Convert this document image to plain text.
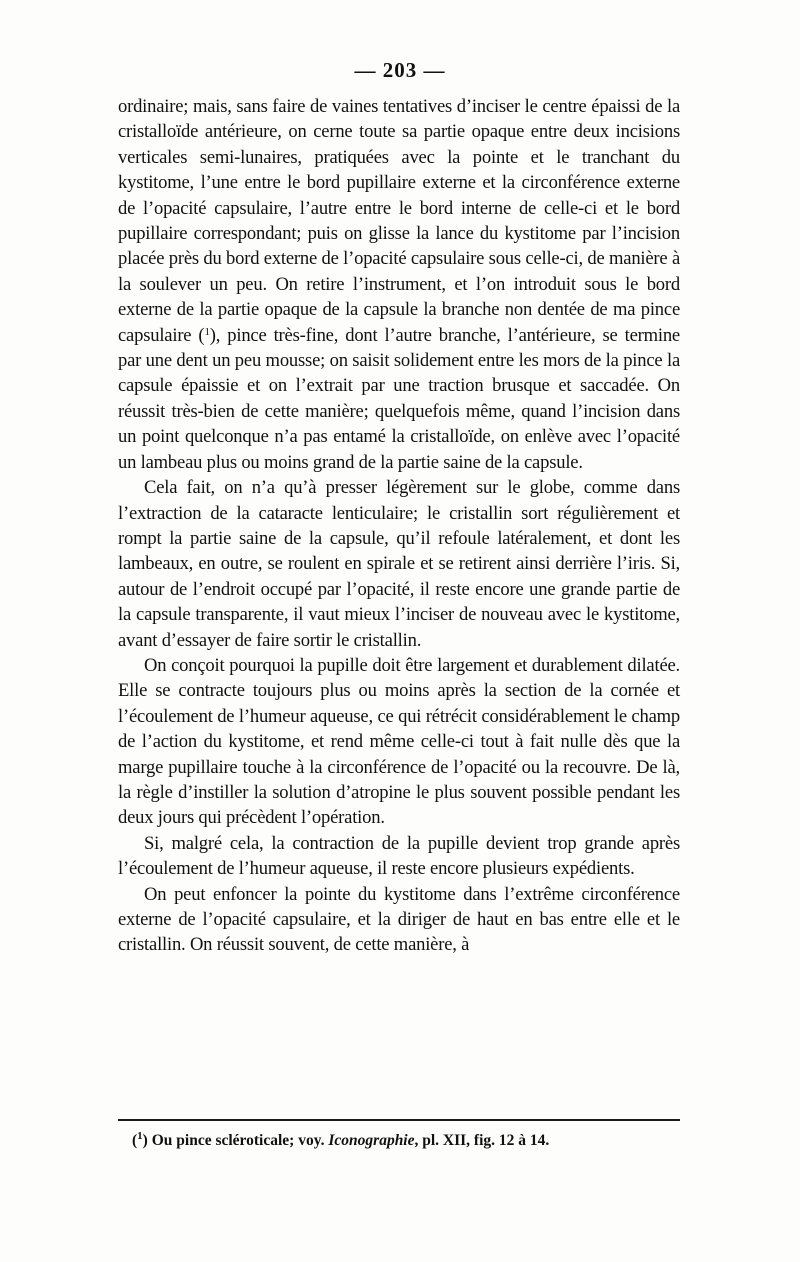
— 203 —

ordinaire; mais, sans faire de vaines tentatives d’inciser le centre épaissi de la cristalloïde antérieure, on cerne toute sa partie opaque entre deux incisions verticales semi-lunaires, pratiquées avec la pointe et le tranchant du kystitome, l’une entre le bord pupillaire externe et la circonférence externe de l’opacité capsulaire, l’autre entre le bord interne de celle-ci et le bord pupillaire correspondant; puis on glisse la lance du kystitome par l’incision placée près du bord externe de l’opacité capsulaire sous celle-ci, de manière à la soulever un peu. On retire l’instrument, et l’on introduit sous le bord externe de la partie opaque de la capsule la branche non dentée de ma pince capsulaire ($^1$), pince très-fine, dont l’autre branche, l’antérieure, se termine par une dent un peu mousse; on saisit solidement entre les mors de la pince la capsule épaissie et on l’extrait par une traction brusque et saccadée. On réussit très-bien de cette manière; quelquefois même, quand l’incision dans un point quelconque n’a pas entamé la cristalloïde, on enlève avec l’opacité un lambeau plus ou moins grand de la partie saine de la capsule.

Cela fait, on n’a qu’à presser légèrement sur le globe, comme dans l’extraction de la cataracte lenticulaire; le cristallin sort régulièrement et rompt la partie saine de la capsule, qu’il refoule latéralement, et dont les lambeaux, en outre, se roulent en spirale et se retirent ainsi derrière l’iris. Si, autour de l’endroit occupé par l’opacité, il reste encore une grande partie de la capsule transparente, il vaut mieux l’inciser de nouveau avec le kystitome, avant d’essayer de faire sortir le cristallin.

On conçoit pourquoi la pupille doit être largement et durablement dilatée. Elle se contracte toujours plus ou moins après la section de la cornée et l’écoulement de l’humeur aqueuse, ce qui rétrécit considérablement le champ de l’action du kystitome, et rend même celle-ci tout à fait nulle dès que la marge pupillaire touche à la circonférence de l’opacité ou la recouvre. De là, la règle d’instiller la solution d’atropine le plus souvent possible pendant les deux jours qui précèdent l’opération.

Si, malgré cela, la contraction de la pupille devient trop grande après l’écoulement de l’humeur aqueuse, il reste encore plusieurs expédients.

On peut enfoncer la pointe du kystitome dans l’extrême circonférence externe de l’opacité capsulaire, et la diriger de haut en bas entre elle et le cristallin. On réussit souvent, de cette manière, à

($^1$) Ou pince scléroticale; voy. Iconographie, pl. XII, fig. 12 à 14.
